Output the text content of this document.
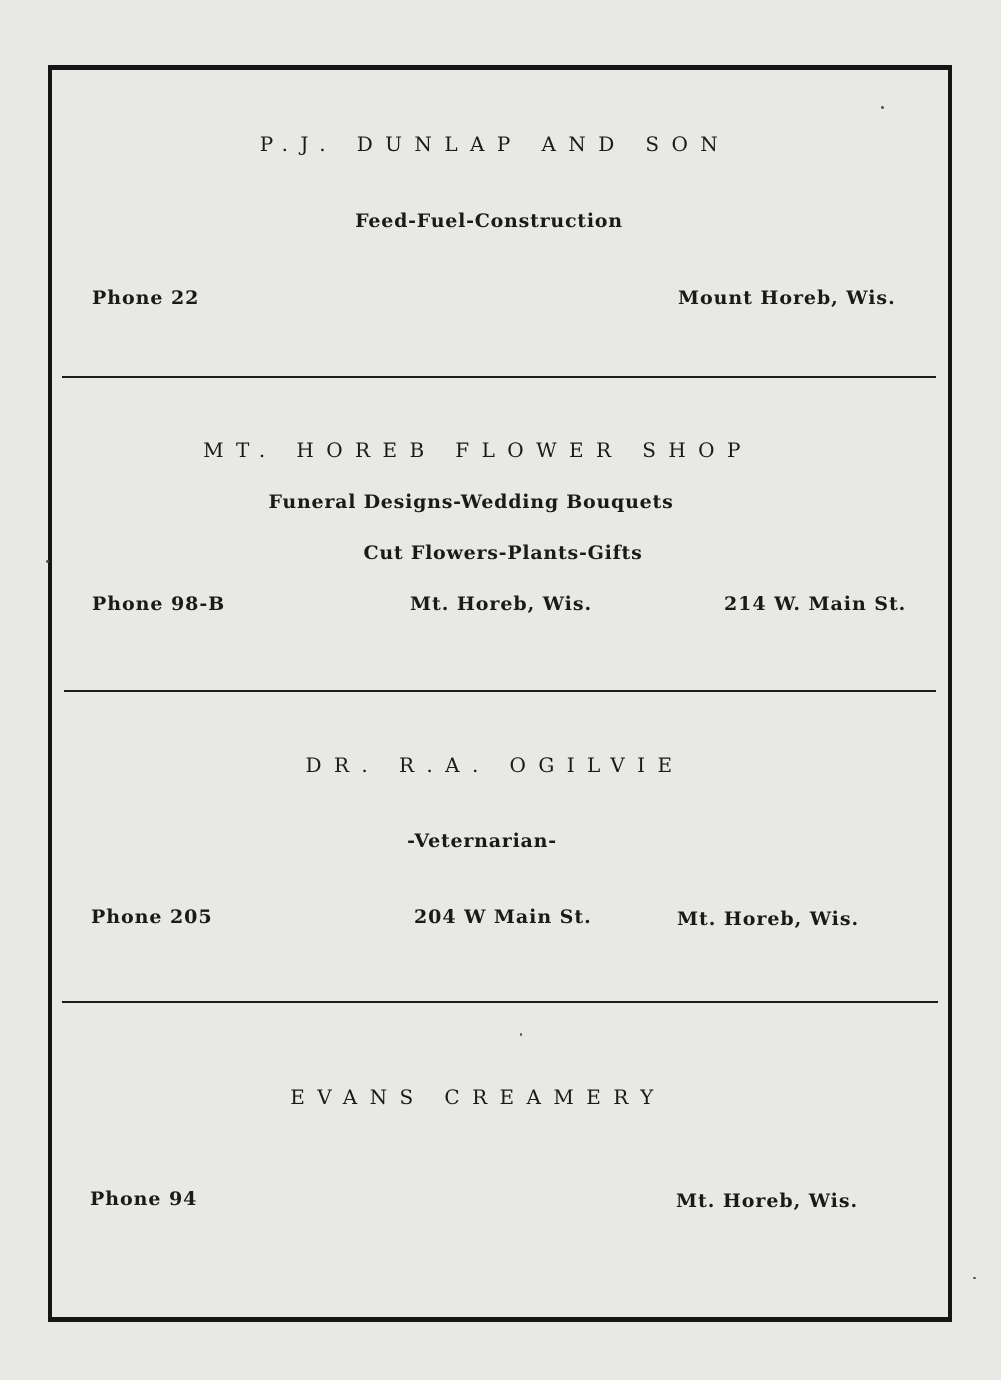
P.J. DUNLAP AND SON
Feed-Fuel-Construction
Phone 22	Mount Horeb, Wis.
MT. HOREB FLOWER SHOP
Funeral Designs-Wedding Bouquets
Cut Flowers-Plants-Gifts
Phone 98-B	Mt. Horeb, Wis.	214 W. Main St.
DR. R.A. OGILVIE
-Veternarian-
Phone 205	204 W Main St.	Mt. Horeb, Wis.
EVANS CREAMERY
Phone 94	Mt. Horeb, Wis.
